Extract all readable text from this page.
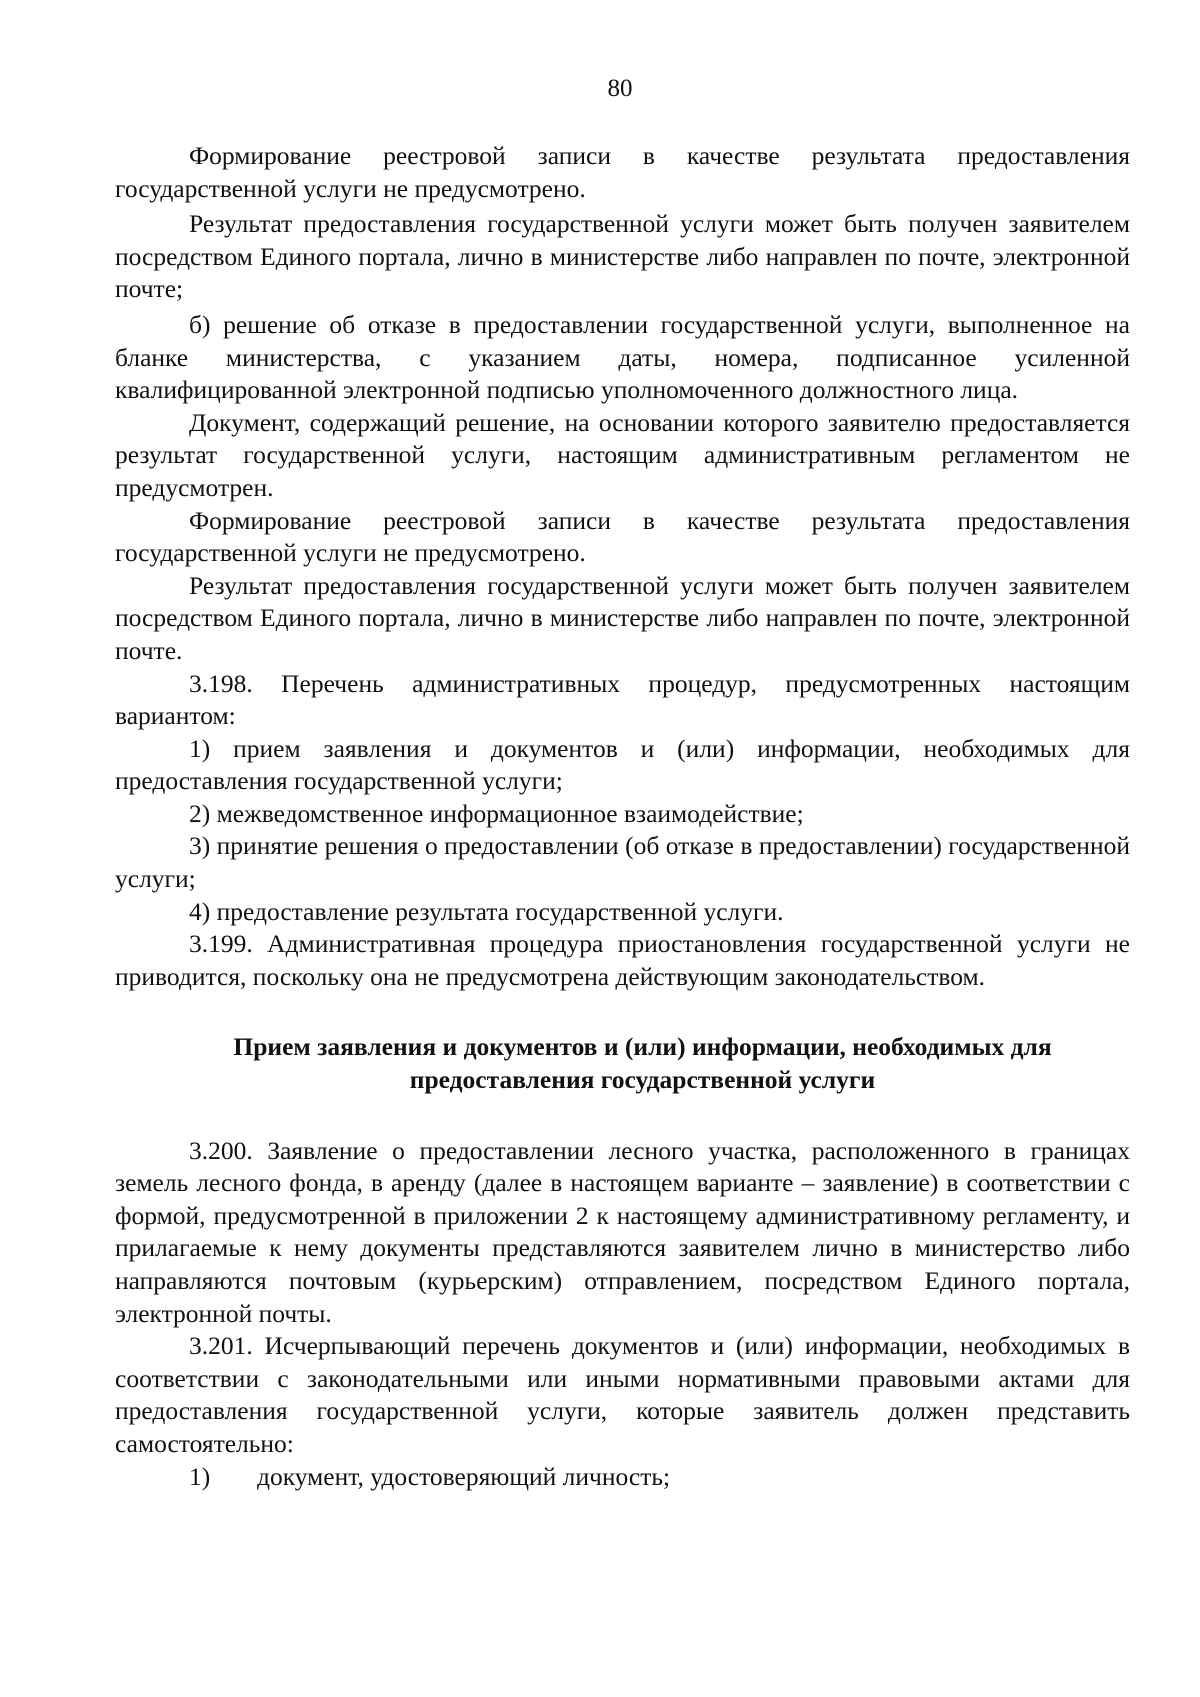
80

Формирование реестровой записи в качестве результата предоставления государственной услуги не предусмотрено.

Результат предоставления государственной услуги может быть получен заявителем посредством Единого портала, лично в министерстве либо направлен по почте, электронной почте;

б) решение об отказе в предоставлении государственной услуги, выполненное на бланке министерства, с указанием даты, номера, подписанное усиленной квалифицированной электронной подписью уполномоченного должностного лица.

Документ, содержащий решение, на основании которого заявителю предоставляется результат государственной услуги, настоящим административным регламентом не предусмотрен.

Формирование реестровой записи в качестве результата предоставления государственной услуги не предусмотрено.

Результат предоставления государственной услуги может быть получен заявителем посредством Единого портала, лично в министерстве либо направлен по почте, электронной почте.

3.198. Перечень административных процедур, предусмотренных настоящим вариантом:

1) прием заявления и документов и (или) информации, необходимых для предоставления государственной услуги;

2) межведомственное информационное взаимодействие;

3) принятие решения о предоставлении (об отказе в предоставлении) государственной услуги;

4) предоставление результата государственной услуги.

3.199. Административная процедура приостановления государственной услуги не приводится, поскольку она не предусмотрена действующим законодательством.

Прием заявления и документов и (или) информации, необходимых для
предоставления государственной услуги

3.200. Заявление о предоставлении лесного участка, расположенного в границах земель лесного фонда, в аренду (далее в настоящем варианте – заявление) в соответствии с формой, предусмотренной в приложении 2 к настоящему административному регламенту, и прилагаемые к нему документы представляются заявителем лично в министерство либо направляются почтовым (курьерским) отправлением, посредством Единого портала, электронной почты.

3.201. Исчерпывающий перечень документов и (или) информации, необходимых в соответствии с законодательными или иными нормативными правовыми актами для предоставления государственной услуги, которые заявитель должен представить самостоятельно:

1)	документ, удостоверяющий личность;
